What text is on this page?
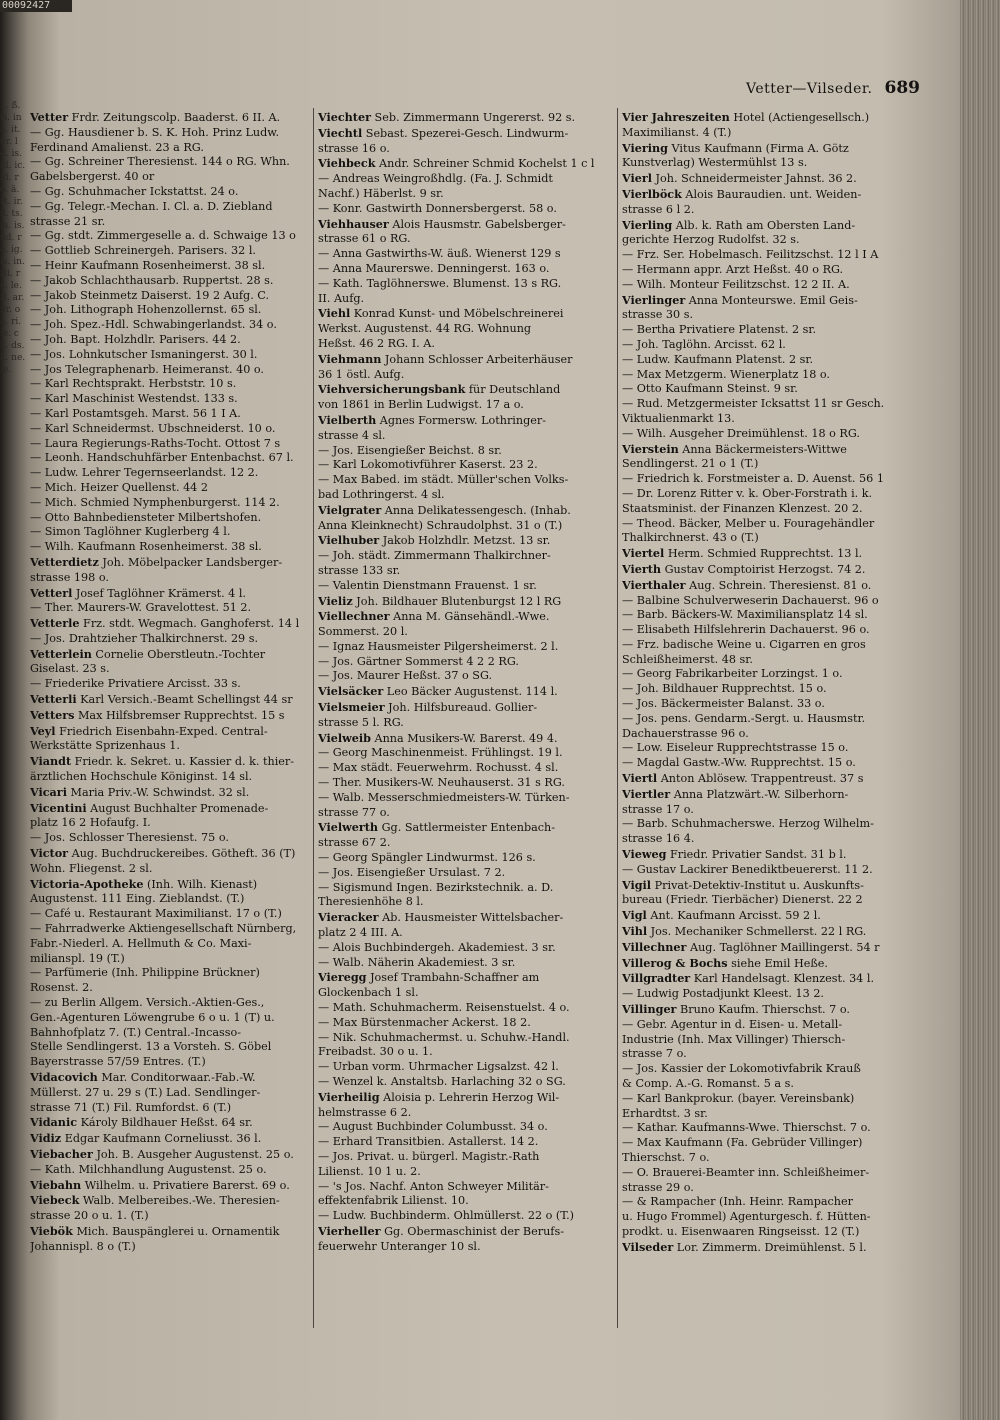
00092427
1. ß. ri. in ä. it. ür. ld. is. id. ic. id. ro. ä. rt. ir. il. ts. ia. is. nd. re. ig. is. in. rli. rc. le. ft. ar. ilr. oä. ri. ie. ck. ds. k. ne. ie.
Vetter—Vilseder. 689
Vetter Frdr. Zeitungscolp. Baaderst. 6 II. A.
— Gg. Hausdiener b. S. K. Hoh. Prinz Ludw.
Ferdinand Amalienst. 23 a RG.
— Gg. Schreiner Theresienst. 144 o RG. Whn.
Gabelsbergerst. 40 or
— Gg. Schuhmacher Ickstattst. 24 o.
— Gg. Telegr.-Mechan. I. Cl. a. D. Ziebland
strasse 21 sr.
— Gg. stdt. Zimmergeselle a. d. Schwaige 13 o
— Gottlieb Schreinergeh. Parisers. 32 l.
— Heinr Kaufmann Rosenheimerst. 38 sl.
— Jakob Schlachthausarb. Ruppertst. 28 s.
— Jakob Steinmetz Daiserst. 19 2 Aufg. C.
— Joh. Lithograph Hohenzollernst. 65 sl.
— Joh. Spez.-Hdl. Schwabingerlandst. 34 o.
— Joh. Bapt. Holzhdlr. Parisers. 44 2.
— Jos. Lohnkutscher Ismaningerst. 30 l.
— Jos Telegraphenarb. Heimeranst. 40 o.
— Karl Rechtsprakt. Herbststr. 10 s.
— Karl Maschinist Westendst. 133 s.
— Karl Postamtsgeh. Marst. 56 1 I A.
— Karl Schneidermst. Ubschneiderst. 10 o.
— Laura Regierungs-Raths-Tocht. Ottost 7 s
— Leonh. Handschuhfärber Entenbachst. 67 l.
— Ludw. Lehrer Tegernseerlandst. 12 2.
— Mich. Heizer Quellenst. 44 2
— Mich. Schmied Nymphenburgerst. 114 2.
— Otto Bahnbediensteter Milbertshofen.
— Simon Taglöhner Kuglerberg 4 l.
— Wilh. Kaufmann Rosenheimerst. 38 sl.
Vetterdietz Joh. Möbelpacker Landsberger-
strasse 198 o.
Vetterl Josef Taglöhner Krämerst. 4 l.
— Ther. Maurers-W. Gravelottest. 51 2.
Vetterle Frz. stdt. Wegmach. Ganghoferst. 14 l
— Jos. Drahtzieher Thalkirchnerst. 29 s.
Vetterlein Cornelie Oberstleutn.-Tochter
Giselast. 23 s.
— Friederike Privatiere Arcisst. 33 s.
Vetterli Karl Versich.-Beamt Schellingst 44 sr
Vetters Max Hilfsbremser Rupprechtst. 15 s
Veyl Friedrich Eisenbahn-Exped. Central-
Werkstätte Sprizenhaus 1.
Viandt Friedr. k. Sekret. u. Kassier d. k. thier-
ärztlichen Hochschule Königinst. 14 sl.
Vicari Maria Priv.-W. Schwindst. 32 sl.
Vicentini August Buchhalter Promenade-
platz 16 2 Hofaufg. I.
— Jos. Schlosser Theresienst. 75 o.
Victor Aug. Buchdruckereibes. Götheft. 36 (T)
Wohn. Fliegenst. 2 sl.
Victoria-Apotheke (Inh. Wilh. Kienast)
Augustenst. 111 Eing. Zieblandst. (T.)
— Café u. Restaurant Maximilianst. 17 o (T.)
— Fahrradwerke Aktiengesellschaft Nürnberg,
Fabr.-Niederl. A. Hellmuth & Co. Maxi-
milianspl. 19 (T.)
— Parfümerie (Inh. Philippine Brückner)
Rosenst. 2.
— zu Berlin Allgem. Versich.-Aktien-Ges.,
Gen.-Agenturen Löwengrube 6 o u. 1 (T) u.
Bahnhofplatz 7. (T.) Central.-Incasso-
Stelle Sendlingerst. 13 a Vorsteh. S. Göbel
Bayerstrasse 57/59 Entres. (T.)
Vidacovich Mar. Conditorwaar.-Fab.-W.
Müllerst. 27 u. 29 s (T.) Lad. Sendlinger-
strasse 71 (T.) Fil. Rumfordst. 6 (T.)
Vidanic Károly Bildhauer Heßst. 64 sr.
Vidiz Edgar Kaufmann Corneliusst. 36 l.
Viebacher Joh. B. Ausgeher Augustenst. 25 o.
— Kath. Milchhandlung Augustenst. 25 o.
Viebahn Wilhelm. u. Privatiere Barerst. 69 o.
Viebeck Walb. Melbereibes.-We. Theresien-
strasse 20 o u. 1. (T.)
Viebök Mich. Bauspänglerei u. Ornamentik
Johannispl. 8 o (T.)
Viechter Seb. Zimmermann Ungererst. 92 s.
Viechtl Sebast. Spezerei-Gesch. Lindwurm-
strasse 16 o.
Viehbeck Andr. Schreiner Schmid Kochelst 1 c l
— Andreas Weingroßhdlg. (Fa. J. Schmidt
Nachf.) Häberlst. 9 sr.
— Konr. Gastwirth Donnersbergerst. 58 o.
Viehhauser Alois Hausmstr. Gabelsberger-
strasse 61 o RG.
— Anna Gastwirths-W. äuß. Wienerst 129 s
— Anna Maurerswe. Denningerst. 163 o.
— Kath. Taglöhnerswe. Blumenst. 13 s RG.
II. Aufg.
Viehl Konrad Kunst- und Möbelschreinerei
Werkst. Augustenst. 44 RG. Wohnung
Heßst. 46 2 RG. I. A.
Viehmann Johann Schlosser Arbeiterhäuser
36 1 östl. Aufg.
Viehversicherungsbank für Deutschland
von 1861 in Berlin Ludwigst. 17 a o.
Vielberth Agnes Formersw. Lothringer-
strasse 4 sl.
— Jos. Eisengießer Beichst. 8 sr.
— Karl Lokomotivführer Kaserst. 23 2.
— Max Babed. im städt. Müller'schen Volks-
bad Lothringerst. 4 sl.
Vielgrater Anna Delikatessengesch. (Inhab.
Anna Kleinknecht) Schraudolphst. 31 o (T.)
Vielhuber Jakob Holzhdlr. Metzst. 13 sr.
— Joh. städt. Zimmermann Thalkirchner-
strasse 133 sr.
— Valentin Dienstmann Frauenst. 1 sr.
Vieliz Joh. Bildhauer Blutenburgst 12 l RG
Viellechner Anna M. Gänsehändl.-Wwe.
Sommerst. 20 l.
— Ignaz Hausmeister Pilgersheimerst. 2 l.
— Jos. Gärtner Sommerst 4 2 2 RG.
— Jos. Maurer Heßst. 37 o SG.
Vielsäcker Leo Bäcker Augustenst. 114 l.
Vielsmeier Joh. Hilfsbureaud. Gollier-
strasse 5 l. RG.
Vielweib Anna Musikers-W. Barerst. 49 4.
— Georg Maschinenmeist. Frühlingst. 19 l.
— Max städt. Feuerwehrm. Rochusst. 4 sl.
— Ther. Musikers-W. Neuhauserst. 31 s RG.
— Walb. Messerschmiedmeisters-W. Türken-
strasse 77 o.
Vielwerth Gg. Sattlermeister Entenbach-
strasse 67 2.
— Georg Spängler Lindwurmst. 126 s.
— Jos. Eisengießer Ursulast. 7 2.
— Sigismund Ingen. Bezirkstechnik. a. D.
Theresienhöhe 8 l.
Vieracker Ab. Hausmeister Wittelsbacher-
platz 2 4 III. A.
— Alois Buchbindergeh. Akademiest. 3 sr.
— Walb. Näherin Akademiest. 3 sr.
Vieregg Josef Trambahn-Schaffner am
Glockenbach 1 sl.
— Math. Schuhmacherm. Reisenstuelst. 4 o.
— Max Bürstenmacher Ackerst. 18 2.
— Nik. Schuhmachermst. u. Schuhw.-Handl.
Freibadst. 30 o u. 1.
— Urban vorm. Uhrmacher Ligsalzst. 42 l.
— Wenzel k. Anstaltsb. Harlaching 32 o SG.
Vierheilig Aloisia p. Lehrerin Herzog Wil-
helmstrasse 6 2.
— August Buchbinder Columbusst. 34 o.
— Erhard Transitbien. Astallerst. 14 2.
— Jos. Privat. u. bürgerl. Magistr.-Rath
Lilienst. 10 1 u. 2.
— 's Jos. Nachf. Anton Schweyer Militär-
effektenfabrik Lilienst. 10.
— Ludw. Buchbinderm. Ohlmüllerst. 22 o (T.)
Vierheller Gg. Obermaschinist der Berufs-
feuerwehr Unteranger 10 sl.
Vier Jahreszeiten Hotel (Actiengesellsch.)
Maximilianst. 4 (T.)
Viering Vitus Kaufmann (Firma A. Götz
Kunstverlag) Westermühlst 13 s.
Vierl Joh. Schneidermeister Jahnst. 36 2.
Vierlböck Alois Bauraudien. unt. Weiden-
strasse 6 l 2.
Vierling Alb. k. Rath am Obersten Land-
gerichte Herzog Rudolfst. 32 s.
— Frz. Ser. Hobelmasch. Feilitzschst. 12 l I A
— Hermann appr. Arzt Heßst. 40 o RG.
— Wilh. Monteur Feilitzschst. 12 2 II. A.
Vierlinger Anna Monteurswe. Emil Geis-
strasse 30 s.
— Bertha Privatiere Platenst. 2 sr.
— Joh. Taglöhn. Arcisst. 62 l.
— Ludw. Kaufmann Platenst. 2 sr.
— Max Metzgerm. Wienerplatz 18 o.
— Otto Kaufmann Steinst. 9 sr.
— Rud. Metzgermeister Icksattst 11 sr Gesch.
Viktualienmarkt 13.
— Wilh. Ausgeher Dreimühlenst. 18 o RG.
Vierstein Anna Bäckermeisters-Wittwe
Sendlingerst. 21 o 1 (T.)
— Friedrich k. Forstmeister a. D. Auenst. 56 1
— Dr. Lorenz Ritter v. k. Ober-Forstrath i. k.
Staatsminist. der Finanzen Klenzest. 20 2.
— Theod. Bäcker, Melber u. Fouragehändler
Thalkirchnerst. 43 o (T.)
Viertel Herm. Schmied Rupprechtst. 13 l.
Vierth Gustav Comptoirist Herzogst. 74 2.
Vierthaler Aug. Schrein. Theresienst. 81 o.
— Balbine Schulverweserin Dachauerst. 96 o
— Barb. Bäckers-W. Maximiliansplatz 14 sl.
— Elisabeth Hilfslehrerin Dachauerst. 96 o.
— Frz. badische Weine u. Cigarren en gros
Schleißheimerst. 48 sr.
— Georg Fabrikarbeiter Lorzingst. 1 o.
— Joh. Bildhauer Rupprechtst. 15 o.
— Jos. Bäckermeister Balanst. 33 o.
— Jos. pens. Gendarm.-Sergt. u. Hausmstr.
Dachauerstrasse 96 o.
— Low. Eiseleur Rupprechtstrasse 15 o.
— Magdal Gastw.-Ww. Rupprechtst. 15 o.
Viertl Anton Ablösew. Trappentreust. 37 s
Viertler Anna Platzwärt.-W. Silberhorn-
strasse 17 o.
— Barb. Schuhmacherswe. Herzog Wilhelm-
strasse 16 4.
Vieweg Friedr. Privatier Sandst. 31 b l.
— Gustav Lackirer Benediktbeuererst. 11 2.
Vigil Privat-Detektiv-Institut u. Auskunfts-
bureau (Friedr. Tierbächer) Dienerst. 22 2
Vigl Ant. Kaufmann Arcisst. 59 2 l.
Vihl Jos. Mechaniker Schmellerst. 22 l RG.
Villechner Aug. Taglöhner Maillingerst. 54 r
Villerog & Bochs siehe Emil Heße.
Villgradter Karl Handelsagt. Klenzest. 34 l.
— Ludwig Postadjunkt Kleest. 13 2.
Villinger Bruno Kaufm. Thierschst. 7 o.
— Gebr. Agentur in d. Eisen- u. Metall-
Industrie (Inh. Max Villinger) Thiersch-
strasse 7 o.
— Jos. Kassier der Lokomotivfabrik Krauß
& Comp. A.-G. Romanst. 5 a s.
— Karl Bankprokur. (bayer. Vereinsbank)
Erhardtst. 3 sr.
— Kathar. Kaufmanns-Wwe. Thierschst. 7 o.
— Max Kaufmann (Fa. Gebrüder Villinger)
Thierschst. 7 o.
— O. Brauerei-Beamter inn. Schleißheimer-
strasse 29 o.
— & Rampacher (Inh. Heinr. Rampacher
u. Hugo Frommel) Agenturgesch. f. Hütten-
prodkt. u. Eisenwaaren Ringseisst. 12 (T.)
Vilseder Lor. Zimmerm. Dreimühlenst. 5 l.
